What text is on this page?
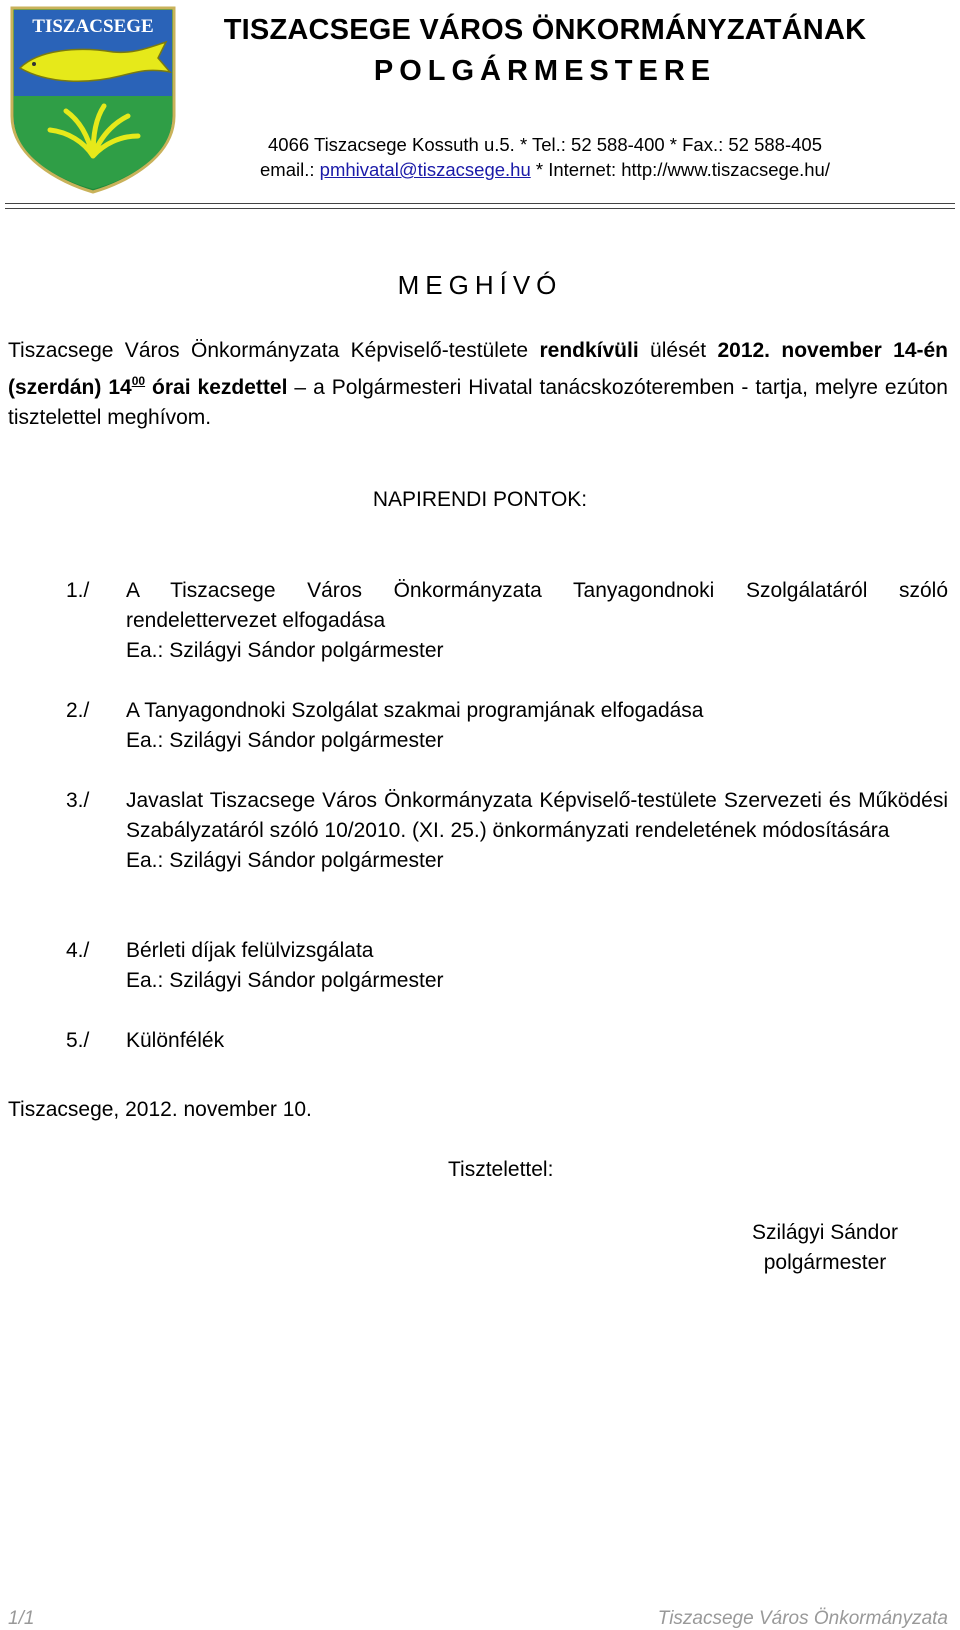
TISZACSEGE	TISZACSEGE VÁROS ÖNKORMÁNYZATÁNAK
POLGÁRMESTERE
4066 Tiszacsege Kossuth u.5. * Tel.: 52 588-400 * Fax.: 52 588-405
email.: pmhivatal@tiszacsege.hu * Internet: http://www.tiszacsege.hu/
MEGHÍVÓ
Tiszacsege Város Önkormányzata Képviselő-testülete rendkívüli ülését 2012. november 14-én (szerdán) $14^{00}$ órai kezdettel – a Polgármesteri Hivatal tanácskozóteremben - tartja, melyre ezúton tisztelettel meghívom.
NAPIRENDI PONTOK:
1./	A Tiszacsege Város Önkormányzata Tanyagondnoki Szolgálatáról szóló rendelettervezet elfogadása
Ea.: Szilágyi Sándor polgármester
2./	A Tanyagondnoki Szolgálat szakmai programjának elfogadása
Ea.: Szilágyi Sándor polgármester
3./	Javaslat Tiszacsege Város Önkormányzata Képviselő-testülete Szervezeti és Működési Szabályzatáról szóló 10/2010. (XI. 25.) önkormányzati rendeletének módosítására
Ea.: Szilágyi Sándor polgármester
4./	Bérleti díjak felülvizsgálata
Ea.: Szilágyi Sándor polgármester
5./	Különfélék
Tiszacsege, 2012. november 10.
Tisztelettel:
Szilágyi Sándor
polgármester
1/1	Tiszacsege Város Önkormányzata
